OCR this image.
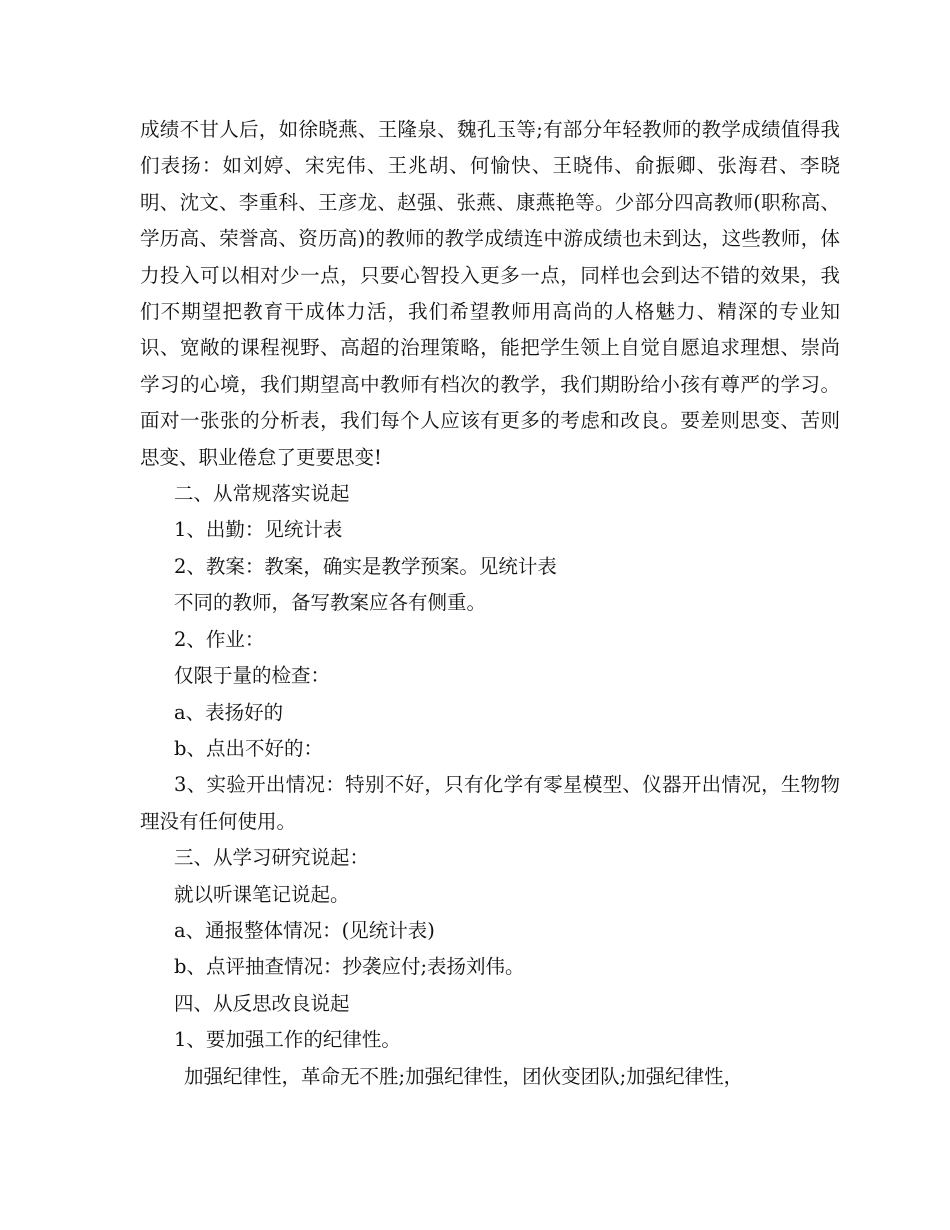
成绩不甘人后，如徐晓燕、王隆泉、魏孔玉等;有部分年轻教师的教学成绩值得我们表扬：如刘婷、宋宪伟、王兆胡、何愉快、王晓伟、俞振卿、张海君、李晓明、沈文、李重科、王彦龙、赵强、张燕、康燕艳等。少部分四高教师(职称高、学历高、荣誉高、资历高)的教师的教学成绩连中游成绩也未到达，这些教师，体力投入可以相对少一点，只要心智投入更多一点，同样也会到达不错的效果，我们不期望把教育干成体力活，我们希望教师用高尚的人格魅力、精深的专业知识、宽敞的课程视野、高超的治理策略，能把学生领上自觉自愿追求理想、崇尚学习的心境，我们期望高中教师有档次的教学，我们期盼给小孩有尊严的学习。面对一张张的分析表，我们每个人应该有更多的考虑和改良。要差则思变、苦则思变、职业倦怠了更要思变!

二、从常规落实说起

1、出勤：见统计表

2、教案：教案，确实是教学预案。见统计表

不同的教师，备写教案应各有侧重。

2、作业：

仅限于量的检查：

a、表扬好的

b、点出不好的：

3、实验开出情况：特别不好，只有化学有零星模型、仪器开出情况，生物物理没有任何使用。

三、从学习研究说起：

就以听课笔记说起。

a、通报整体情况：(见统计表)

b、点评抽查情况：抄袭应付;表扬刘伟。

四、从反思改良说起

1、要加强工作的纪律性。

加强纪律性，革命无不胜;加强纪律性，团伙变团队;加强纪律性，
